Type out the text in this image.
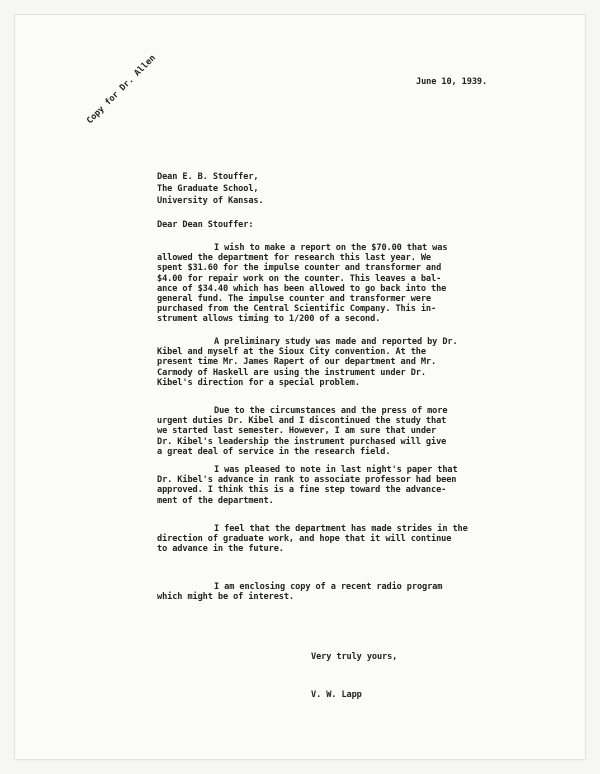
June 10, 1939.
Copy for Dr. Allen
Dean E. B. Stouffer,
The Graduate School,
University of Kansas.
Dear Dean Stouffer:
I wish to make a report on the $70.00 that was
allowed the department for research this last year. We
spent $31.60 for the impulse counter and transformer and
$4.00 for repair work on the counter. This leaves a bal-
ance of $34.40 which has been allowed to go back into the
general fund. The impulse counter and transformer were
purchased from the Central Scientific Company. This in-
strument allows timing to 1/200 of a second.
A preliminary study was made and reported by Dr.
Kibel and myself at the Sioux City convention. At the
present time Mr. James Rapert of our department and Mr.
Carmody of Haskell are using the instrument under Dr.
Kibel's direction for a special problem.
Due to the circumstances and the press of more
urgent duties Dr. Kibel and I discontinued the study that
we started last semester. However, I am sure that under
Dr. Kibel's leadership the instrument purchased will give
a great deal of service in the research field.
I was pleased to note in last night's paper that
Dr. Kibel's advance in rank to associate professor had been
approved. I think this is a fine step toward the advance-
ment of the department.
I feel that the department has made strides in the
direction of graduate work, and hope that it will continue
to advance in the future.
I am enclosing copy of a recent radio program
which might be of interest.
Very truly yours,
V. W. Lapp
